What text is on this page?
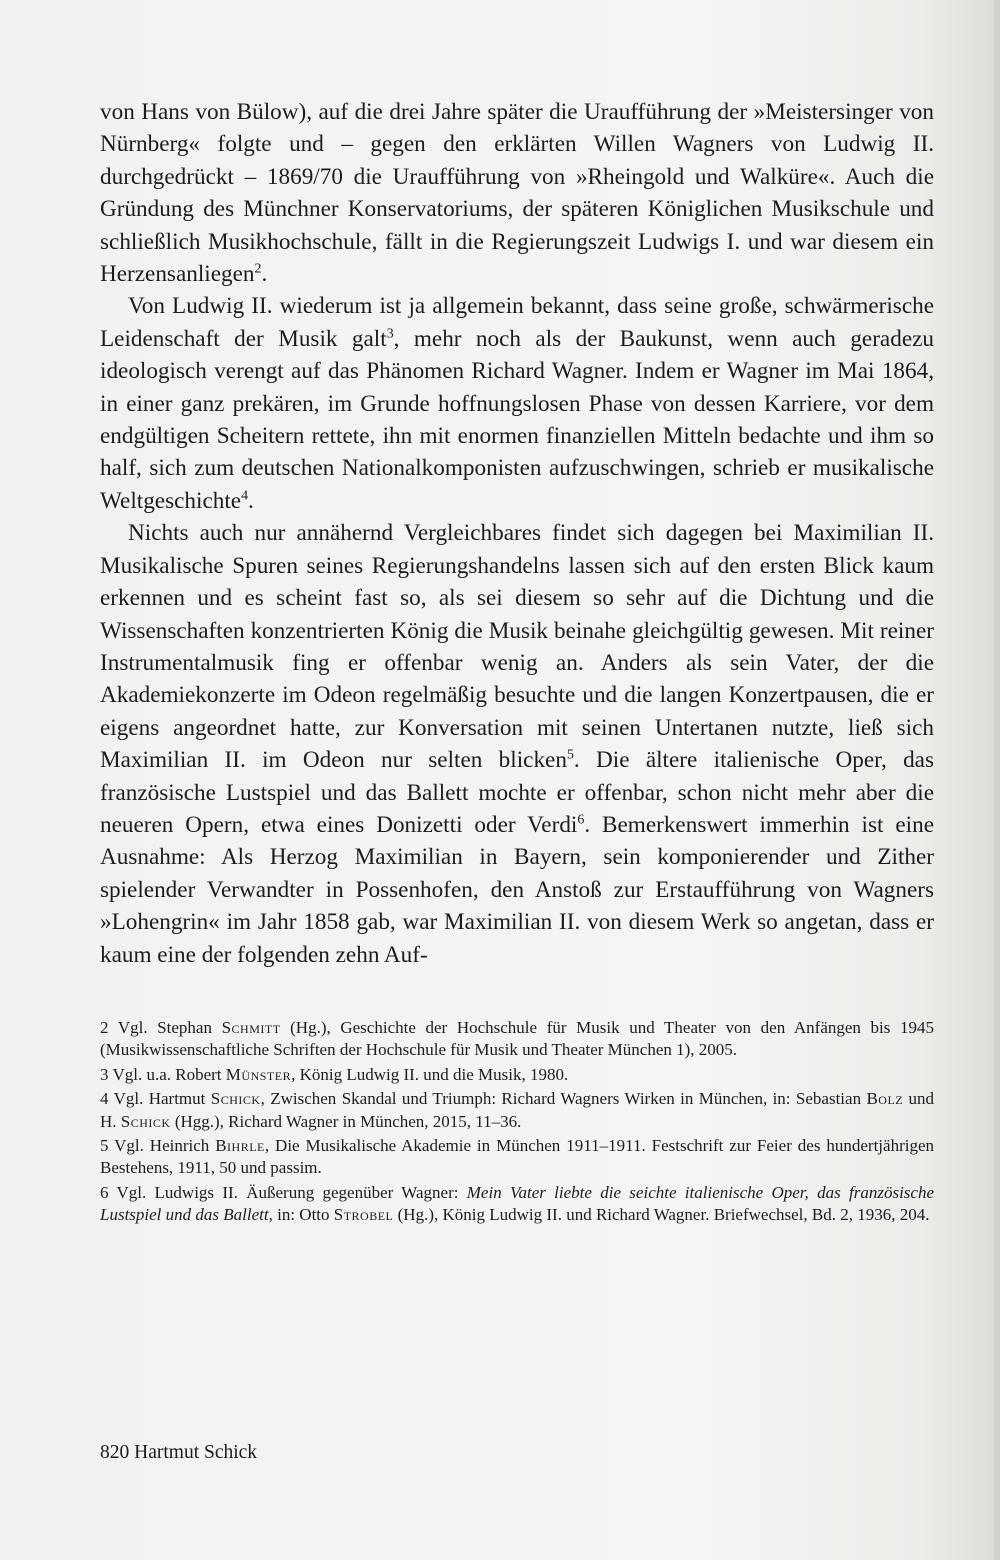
von Hans von Bülow), auf die drei Jahre später die Uraufführung der »Meistersinger von Nürnberg« folgte und – gegen den erklärten Willen Wagners von Ludwig II. durchgedrückt – 1869/70 die Uraufführung von »Rheingold und Walküre«. Auch die Gründung des Münchner Konservatoriums, der späteren Königlichen Musikschule und schließlich Musikhochschule, fällt in die Regierungszeit Ludwigs I. und war diesem ein Herzensanliegen$^2$.

Von Ludwig II. wiederum ist ja allgemein bekannt, dass seine große, schwärmerische Leidenschaft der Musik galt$^3$, mehr noch als der Baukunst, wenn auch geradezu ideologisch verengt auf das Phänomen Richard Wagner. Indem er Wagner im Mai 1864, in einer ganz prekären, im Grunde hoffnungslosen Phase von dessen Karriere, vor dem endgültigen Scheitern rettete, ihn mit enormen finanziellen Mitteln bedachte und ihm so half, sich zum deutschen Nationalkomponisten aufzuschwingen, schrieb er musikalische Weltgeschichte$^4$.

Nichts auch nur annähernd Vergleichbares findet sich dagegen bei Maximilian II. Musikalische Spuren seines Regierungshandelns lassen sich auf den ersten Blick kaum erkennen und es scheint fast so, als sei diesem so sehr auf die Dichtung und die Wissenschaften konzentrierten König die Musik beinahe gleichgültig gewesen. Mit reiner Instrumentalmusik fing er offenbar wenig an. Anders als sein Vater, der die Akademiekonzerte im Odeon regelmäßig besuchte und die langen Konzertpausen, die er eigens angeordnet hatte, zur Konversation mit seinen Untertanen nutzte, ließ sich Maximilian II. im Odeon nur selten blicken$^5$. Die ältere italienische Oper, das französische Lustspiel und das Ballett mochte er offenbar, schon nicht mehr aber die neueren Opern, etwa eines Donizetti oder Verdi$^6$. Bemerkenswert immerhin ist eine Ausnahme: Als Herzog Maximilian in Bayern, sein komponierender und Zither spielender Verwandter in Possenhofen, den Anstoß zur Erstaufführung von Wagners »Lohengrin« im Jahr 1858 gab, war Maximilian II. von diesem Werk so angetan, dass er kaum eine der folgenden zehn Auf-

2 Vgl. Stephan Schmitt (Hg.), Geschichte der Hochschule für Musik und Theater von den Anfängen bis 1945 (Musikwissenschaftliche Schriften der Hochschule für Musik und Theater München 1), 2005.

3 Vgl. u.a. Robert Münster, König Ludwig II. und die Musik, 1980.

4 Vgl. Hartmut Schick, Zwischen Skandal und Triumph: Richard Wagners Wirken in München, in: Sebastian Bolz und H. Schick (Hgg.), Richard Wagner in München, 2015, 11–36.

5 Vgl. Heinrich Bihrle, Die Musikalische Akademie in München 1911–1911. Festschrift zur Feier des hundertjährigen Bestehens, 1911, 50 und passim.

6 Vgl. Ludwigs II. Äußerung gegenüber Wagner: Mein Vater liebte die seichte italienische Oper, das französische Lustspiel und das Ballett, in: Otto Strobel (Hg.), König Ludwig II. und Richard Wagner. Briefwechsel, Bd. 2, 1936, 204.

820 Hartmut Schick
